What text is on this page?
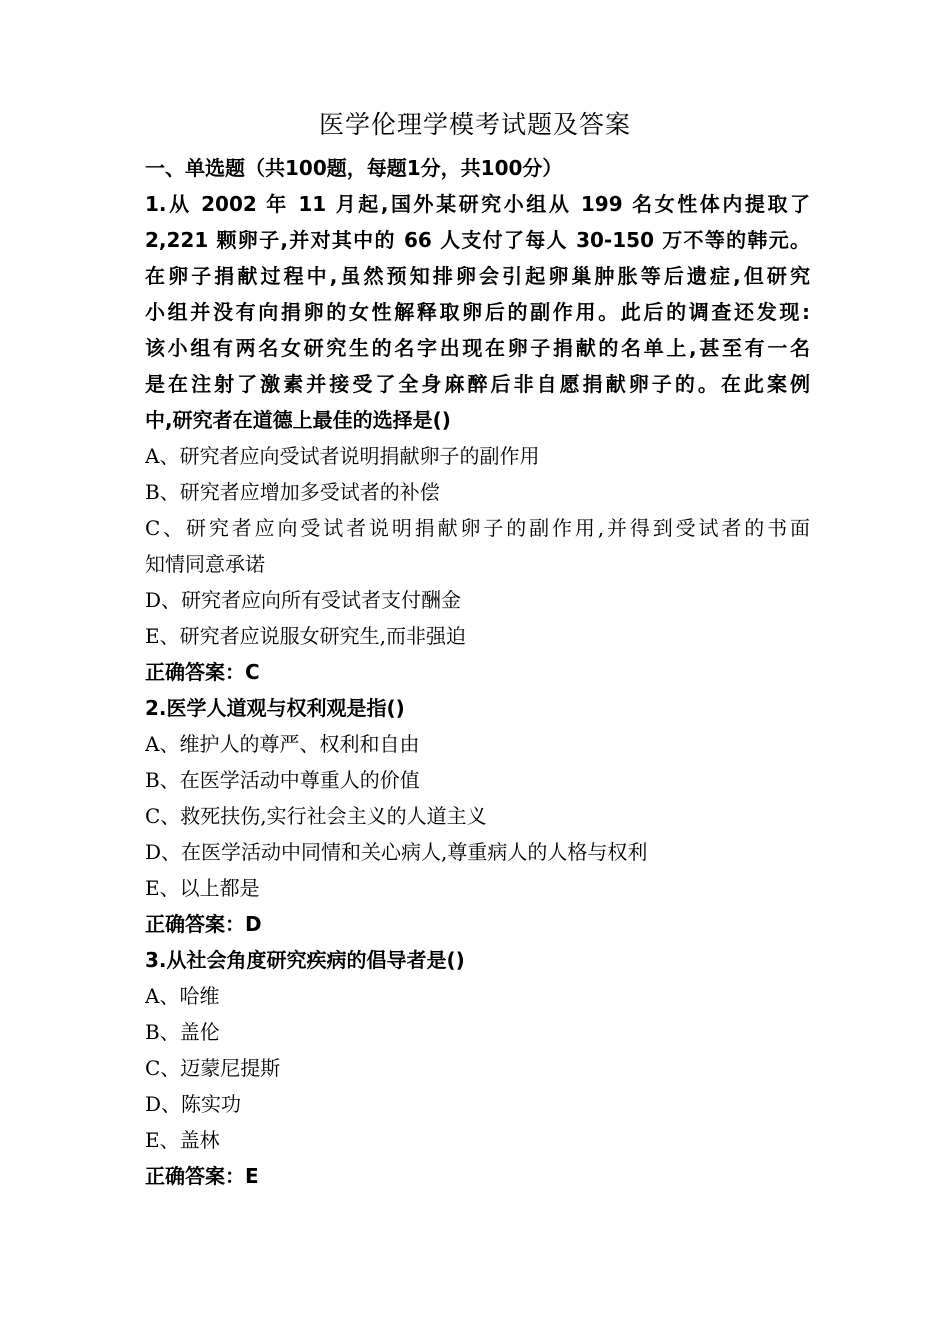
医学伦理学模考试题及答案
一、单选题（共100题，每题1分，共100分）
1.从 2002 年 11 月起,国外某研究小组从 199 名女性体内提取了
2,221 颗卵子,并对其中的 66 人支付了每人 30-150 万不等的韩元。
在卵子捐献过程中,虽然预知排卵会引起卵巢肿胀等后遗症,但研究
小组并没有向捐卵的女性解释取卵后的副作用。此后的调查还发现:
该小组有两名女研究生的名字出现在卵子捐献的名单上,甚至有一名
是在注射了激素并接受了全身麻醉后非自愿捐献卵子的。在此案例
中,研究者在道德上最佳的选择是()
A、研究者应向受试者说明捐献卵子的副作用
B、研究者应增加多受试者的补偿
C、研究者应向受试者说明捐献卵子的副作用,并得到受试者的书面
知情同意承诺
D、研究者应向所有受试者支付酬金
E、研究者应说服女研究生,而非强迫
正确答案：C
2.医学人道观与权利观是指()
A、维护人的尊严、权利和自由
B、在医学活动中尊重人的价值
C、救死扶伤,实行社会主义的人道主义
D、在医学活动中同情和关心病人,尊重病人的人格与权利
E、以上都是
正确答案：D
3.从社会角度研究疾病的倡导者是()
A、哈维
B、盖伦
C、迈蒙尼提斯
D、陈实功
E、盖林
正确答案：E
